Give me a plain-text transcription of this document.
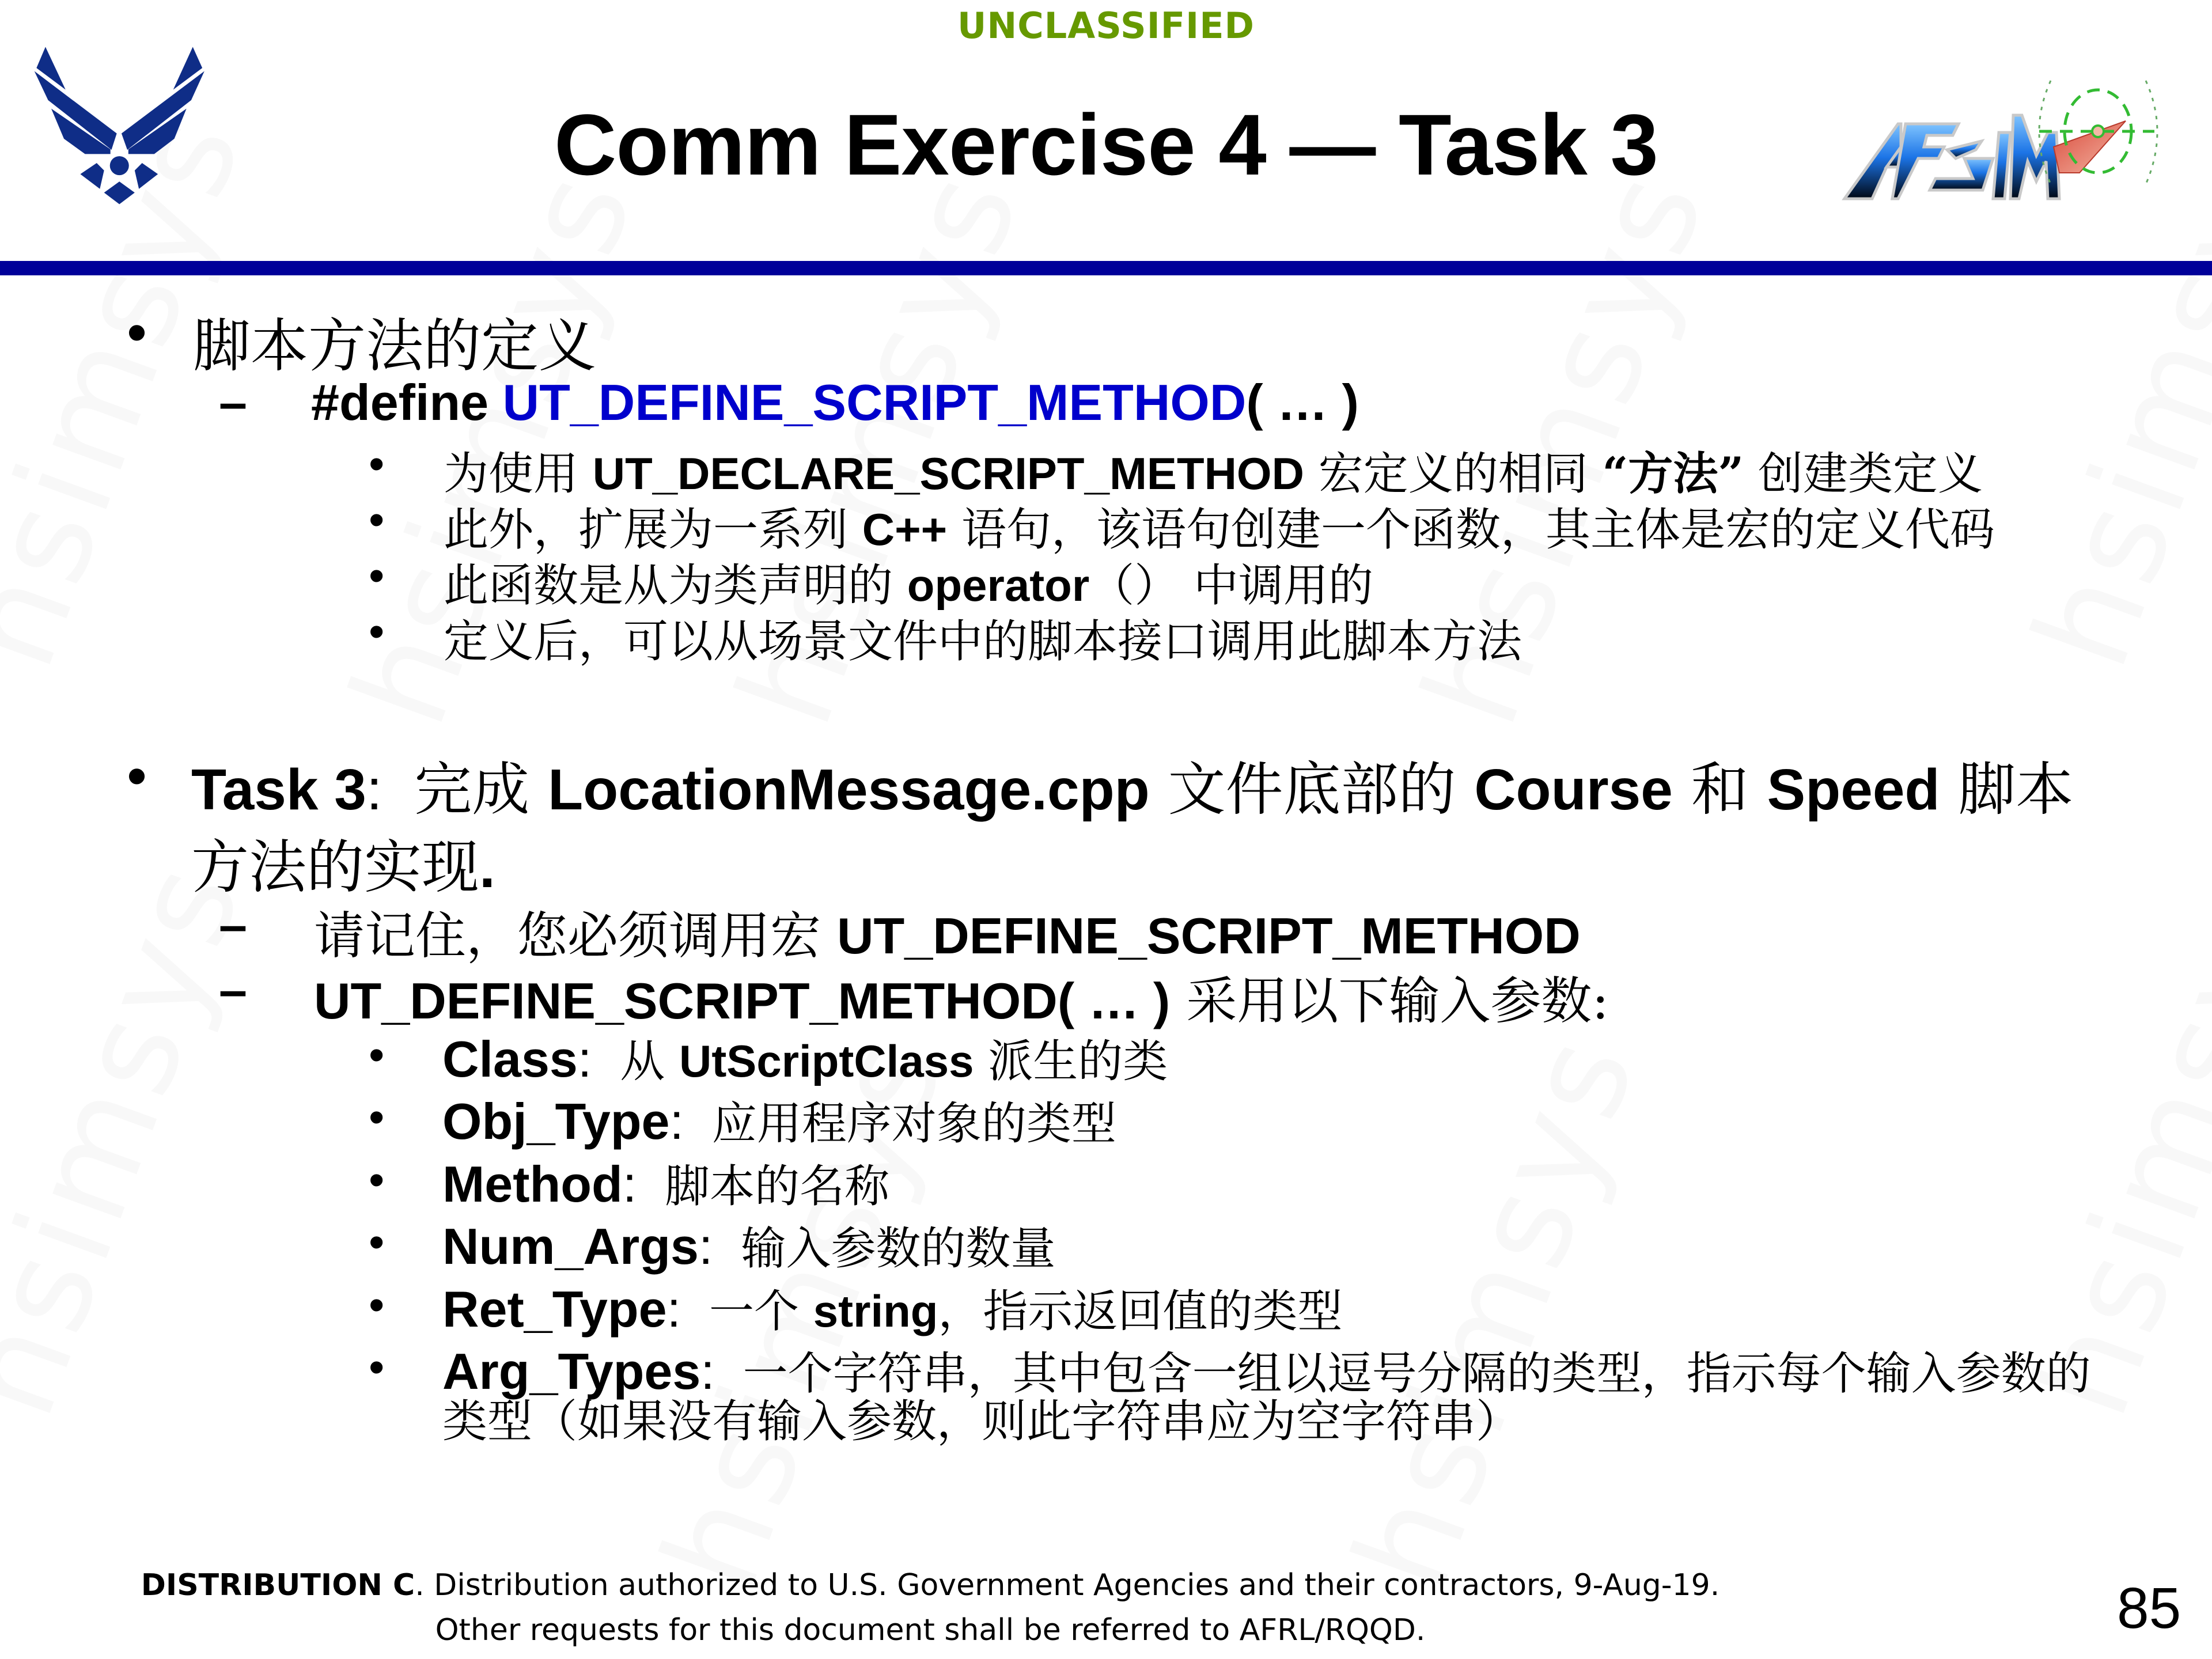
UNCLASSIFIED
Comm Exercise 4 — Task 3
• 脚本方法的定义
– #define UT_DEFINE_SCRIPT_METHOD( … )
• 为使用 UT_DECLARE_SCRIPT_METHOD 宏定义的相同 “方法” 创建类定义
• 此外，扩展为一系列 C++ 语句，该语句创建一个函数，其主体是宏的定义代码
• 此函数是从为类声明的 operator（） 中调用的
• 定义后，可以从场景文件中的脚本接口调用此脚本方法
• Task 3: 完成 LocationMessage.cpp 文件底部的 Course 和 Speed 脚本
方法的实现.
– 请记住，您必须调用宏 UT_DEFINE_SCRIPT_METHOD
– UT_DEFINE_SCRIPT_METHOD( … ) 采用以下输入参数:
• Class: 从 UtScriptClass 派生的类
• Obj_Type: 应用程序对象的类型
• Method: 脚本的名称
• Num_Args: 输入参数的数量
• Ret_Type: 一个 string，指示返回值的类型
• Arg_Types: 一个字符串，其中包含一组以逗号分隔的类型，指示每个输入参数的
类型（如果没有输入参数，则此字符串应为空字符串）
DISTRIBUTION C. Distribution authorized to U.S. Government Agencies and their contractors, 9-Aug-19.
Other requests for this document shall be referred to AFRL/RQQD.	85
